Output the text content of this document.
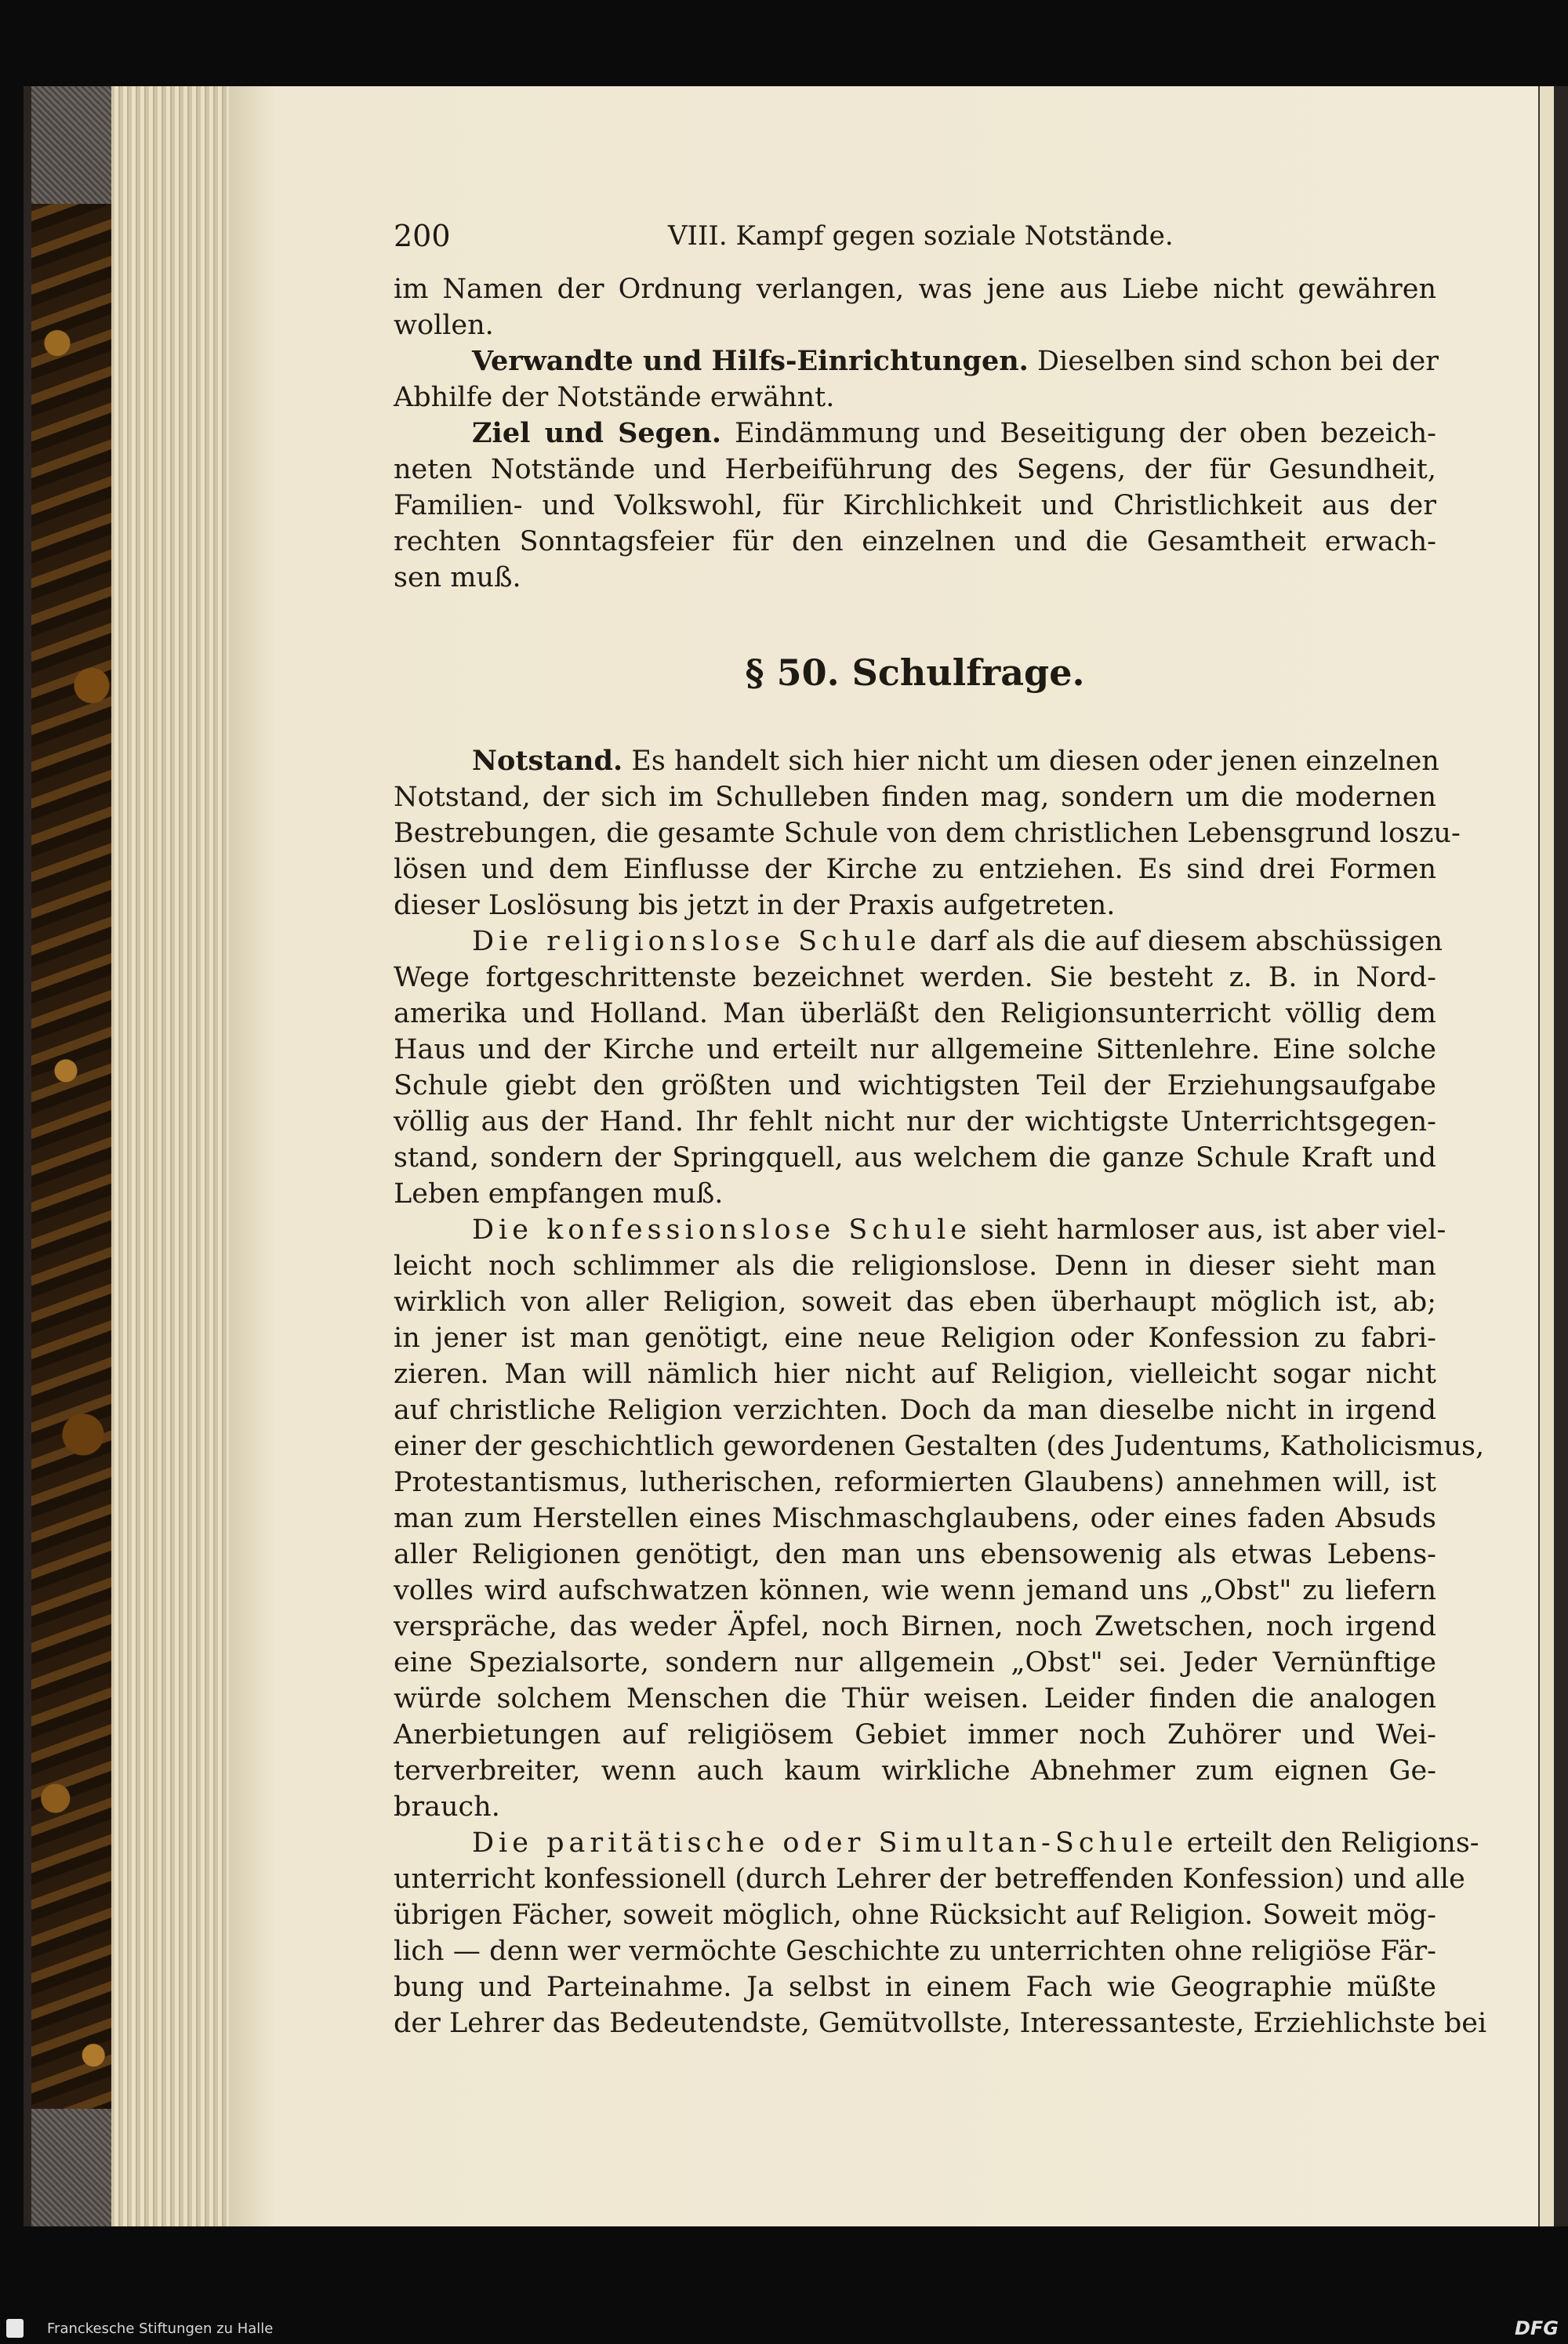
200	VIII. Kampf gegen soziale Notstände.
im Namen der Ordnung verlangen, was jene aus Liebe nicht gewähren
wollen.
Verwandte und Hilfs-Einrichtungen. Dieselben sind schon bei der
Abhilfe der Notstände erwähnt.
Ziel und Segen. Eindämmung und Beseitigung der oben bezeich-
neten Notstände und Herbeiführung des Segens, der für Gesundheit,
Familien- und Volkswohl, für Kirchlichkeit und Christlichkeit aus der
rechten Sonntagsfeier für den einzelnen und die Gesamtheit erwach-
sen muß.
§ 50. Schulfrage.
Notstand. Es handelt sich hier nicht um diesen oder jenen einzelnen
Notstand, der sich im Schulleben finden mag, sondern um die modernen
Bestrebungen, die gesamte Schule von dem christlichen Lebensgrund loszu-
lösen und dem Einflusse der Kirche zu entziehen. Es sind drei Formen
dieser Loslösung bis jetzt in der Praxis aufgetreten.
Die religionslose Schule darf als die auf diesem abschüssigen
Wege fortgeschrittenste bezeichnet werden. Sie besteht z. B. in Nord-
amerika und Holland. Man überläßt den Religionsunterricht völlig dem
Haus und der Kirche und erteilt nur allgemeine Sittenlehre. Eine solche
Schule giebt den größten und wichtigsten Teil der Erziehungsaufgabe
völlig aus der Hand. Ihr fehlt nicht nur der wichtigste Unterrichtsgegen-
stand, sondern der Springquell, aus welchem die ganze Schule Kraft und
Leben empfangen muß.
Die konfessionslose Schule sieht harmloser aus, ist aber viel-
leicht noch schlimmer als die religionslose. Denn in dieser sieht man
wirklich von aller Religion, soweit das eben überhaupt möglich ist, ab;
in jener ist man genötigt, eine neue Religion oder Konfession zu fabri-
zieren. Man will nämlich hier nicht auf Religion, vielleicht sogar nicht
auf christliche Religion verzichten. Doch da man dieselbe nicht in irgend
einer der geschichtlich gewordenen Gestalten (des Judentums, Katholicismus,
Protestantismus, lutherischen, reformierten Glaubens) annehmen will, ist
man zum Herstellen eines Mischmaschglaubens, oder eines faden Absuds
aller Religionen genötigt, den man uns ebensowenig als etwas Lebens-
volles wird aufschwatzen können, wie wenn jemand uns „Obst" zu liefern
verspräche, das weder Äpfel, noch Birnen, noch Zwetschen, noch irgend
eine Spezialsorte, sondern nur allgemein „Obst" sei. Jeder Vernünftige
würde solchem Menschen die Thür weisen. Leider finden die analogen
Anerbietungen auf religiösem Gebiet immer noch Zuhörer und Wei-
terverbreiter, wenn auch kaum wirkliche Abnehmer zum eignen Ge-
brauch.
Die paritätische oder Simultan-Schule erteilt den Religions-
unterricht konfessionell (durch Lehrer der betreffenden Konfession) und alle
übrigen Fächer, soweit möglich, ohne Rücksicht auf Religion. Soweit mög-
lich — denn wer vermöchte Geschichte zu unterrichten ohne religiöse Fär-
bung und Parteinahme. Ja selbst in einem Fach wie Geographie müßte
der Lehrer das Bedeutendste, Gemütvollste, Interessanteste, Erziehlichste bei
Franckesche Stiftungen zu Halle	DFG
